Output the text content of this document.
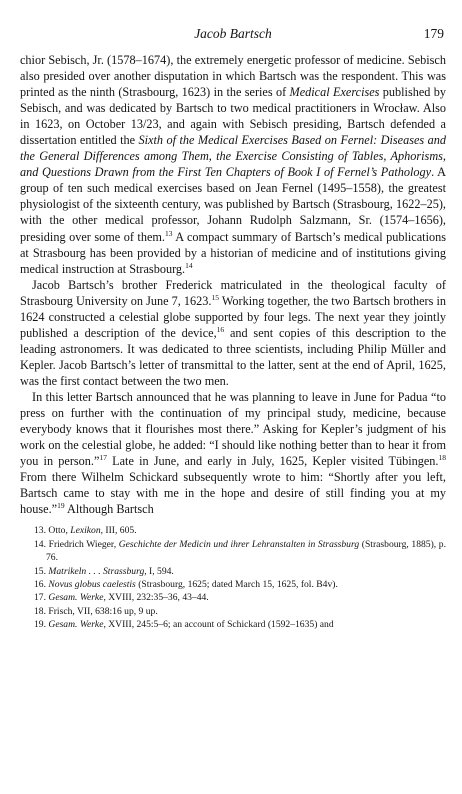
Jacob Bartsch	179

chior Sebisch, Jr. (1578–1674), the extremely energetic professor of medicine. Sebisch also presided over another disputation in which Bartsch was the respondent. This was printed as the ninth (Strasbourg, 1623) in the series of Medical Exercises published by Sebisch, and was dedicated by Bartsch to two medical practitioners in Wrocław. Also in 1623, on October 13/23, and again with Sebisch presiding, Bartsch defended a dissertation entitled the Sixth of the Medical Exercises Based on Fernel: Diseases and the General Differences among Them, the Exercise Consisting of Tables, Aphorisms, and Questions Drawn from the First Ten Chapters of Book I of Fernel’s Pathology. A group of ten such medical exercises based on Jean Fernel (1495–1558), the greatest physiologist of the sixteenth century, was published by Bartsch (Strasbourg, 1622–25), with the other medical professor, Johann Rudolph Salzmann, Sr. (1574–1656), presiding over some of them.$^{13}$ A compact summary of Bartsch’s medical publications at Strasbourg has been provided by a historian of medicine and of institutions giving medical instruction at Strasbourg.$^{14}$

Jacob Bartsch’s brother Frederick matriculated in the theological faculty of Strasbourg University on June 7, 1623.15 Working together, the two Bartsch brothers in 1624 constructed a celestial globe supported by four legs. The next year they jointly published a description of the device,$^{16}$ and sent copies of this description to the leading astronomers. It was dedicated to three scientists, including Philip Müller and Kepler. Jacob Bartsch’s letter of transmittal to the latter, sent at the end of April, 1625, was the first contact between the two men.

In this letter Bartsch announced that he was planning to leave in June for Padua “to press on further with the continuation of my principal study, medicine, because everybody knows that it flourishes most there.” Asking for Kepler’s judgment of his work on the celestial globe, he added: “I should like nothing better than to hear it from you in person.”$^{17}$ Late in June, and early in July, 1625, Kepler visited Tübingen.$^{18}$ From there Wilhelm Schickard subsequently wrote to him: “Shortly after you left, Bartsch came to stay with me in the hope and desire of still finding you at my house.”$^{19}$ Although Bartsch

13. Otto, Lexikon, III, 605.

14. Friedrich Wieger, Geschichte der Medicin und ihrer Lehranstalten in Strassburg (Strasbourg, 1885), p. 76.

15. Matrikeln . . . Strassburg, I, 594.

16. Novus globus caelestis (Strasbourg, 1625; dated March 15, 1625, fol. B4v).

17. Gesam. Werke, XVIII, 232:35–36, 43–44.

18. Frisch, VII, 638:16 up, 9 up.

19. Gesam. Werke, XVIII, 245:5–6; an account of Schickard (1592–1635) and
